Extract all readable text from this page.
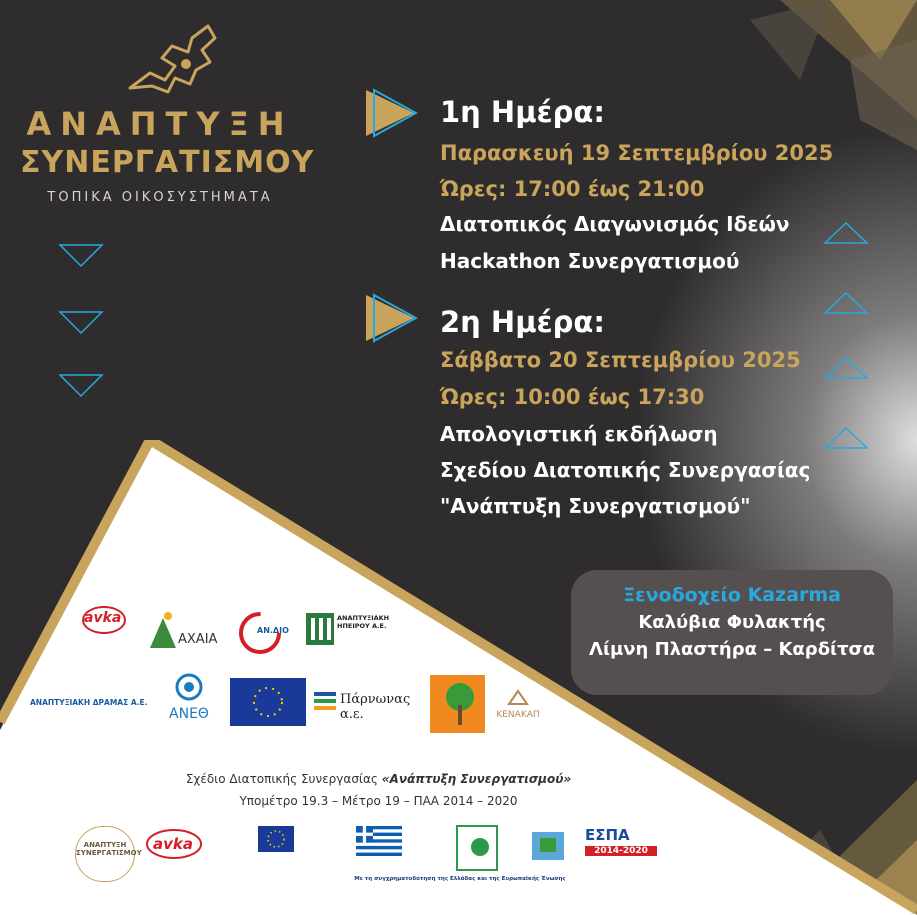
ΑΝΑΠΤΥΞΗ
ΣΥΝΕΡΓΑΤΙΣΜΟΥ
ΤΟΠΙΚΑ ΟΙΚΟΣΥΣΤΗΜΑΤΑ
1η Ημέρα:
Παρασκευή 19 Σεπτεμβρίου 2025
Ώρες: 17:00 έως 21:00
Διατοπικός Διαγωνισμός Ιδεών
Hackathon Συνεργατισμού
2η Ημέρα:
Σάββατο 20 Σεπτεμβρίου 2025
Ώρες: 10:00 έως 17:30
Απολογιστική εκδήλωση
Σχεδίου Διατοπικής Συνεργασίας
"Ανάπτυξη Συνεργατισμού"
Ξενοδοχείο Kazarma
Καλύβια Φυλακτής
Λίμνη Πλαστήρα – Καρδίτσα
avka
ΑΧΑΙΑ
ΑΝ.ΔΙΟ
ΑΝΑΠΤΥΞΙΑΚΗ ΗΠΕΙΡΟΥ Α.Ε.
ΑΝΑΠΤΥΞΙΑΚΗ ΔΡΑΜΑΣ Α.Ε.
ΑΝΕΘ
Πάρνωνας α.ε.	ΚΕΝΑΚΑΠ
Σχέδιο Διατοπικής Συνεργασίας «Ανάπτυξη Συνεργατισμού»
Υπομέτρο 19.3 – Μέτρο 19 – ΠΑΑ 2014 – 2020
ΑΝΑΠΤΥΞΗ
ΣΥΝΕΡΓΑΤΙΣΜΟΥ avka	ΕΣΠΑ
2014-2020
Με τη συγχρηματοδότηση της Ελλάδας και της Ευρωπαϊκής Ένωσης
